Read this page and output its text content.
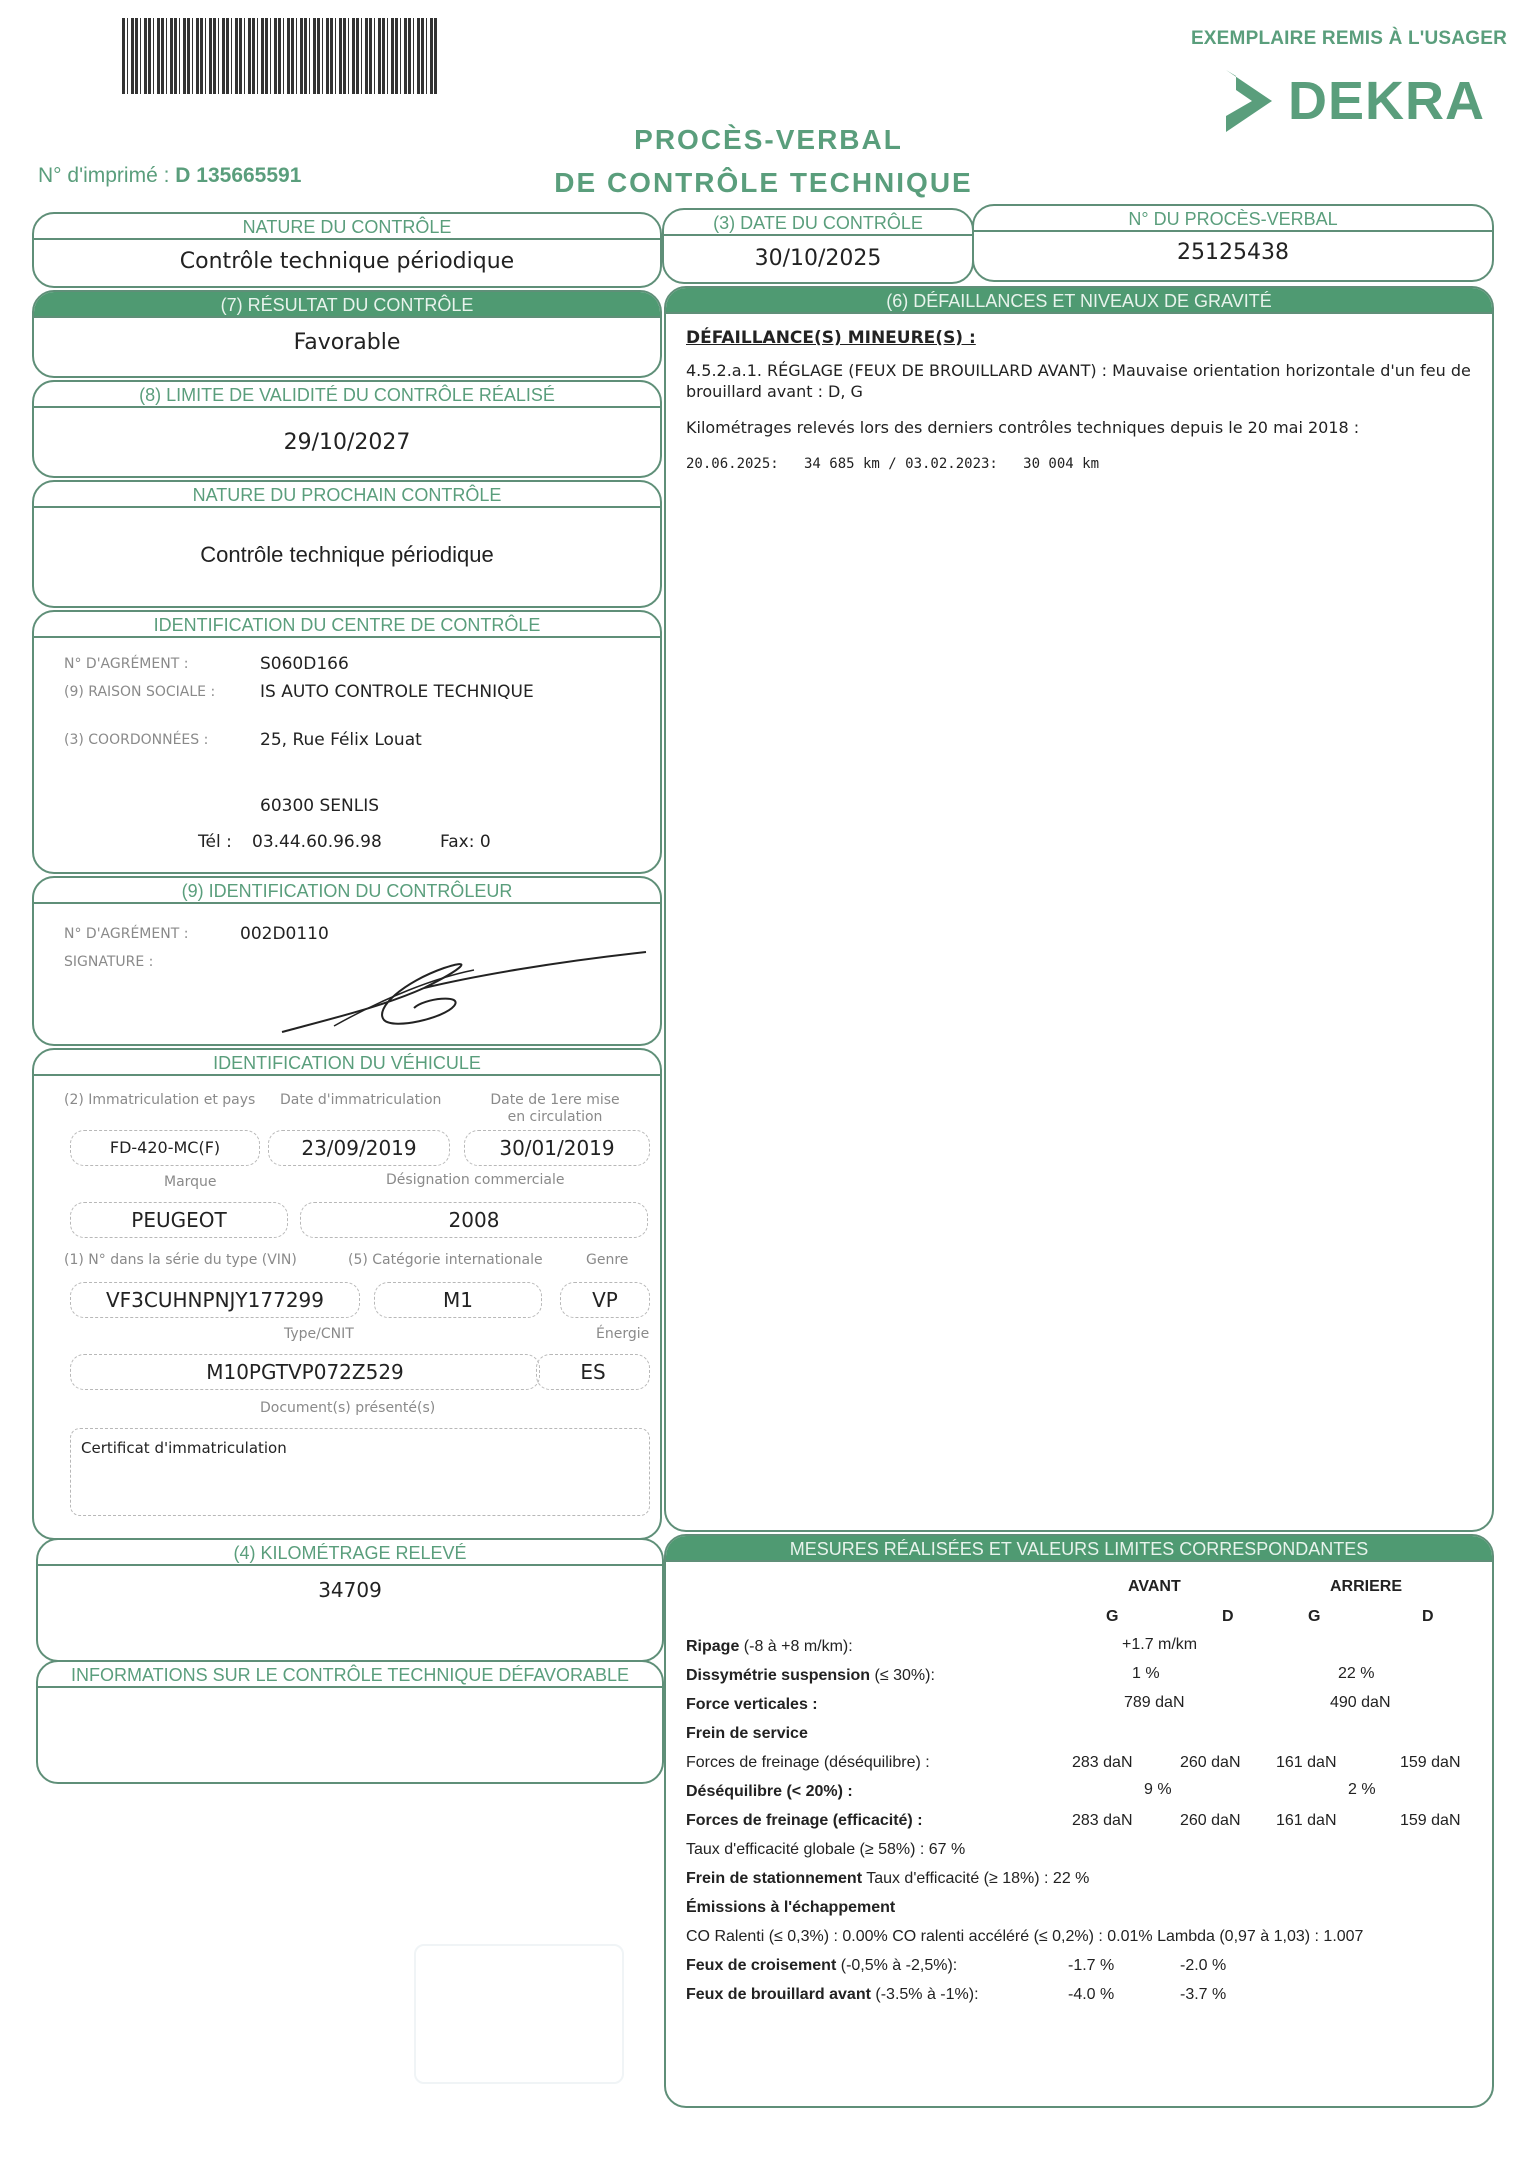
EXEMPLAIRE REMIS À L'USAGER
DEKRA
PROCÈS-VERBAL
DE CONTRÔLE TECHNIQUE
N° d'imprimé : D 135665591
NATURE DU CONTRÔLE
Contrôle technique périodique
(3) DATE DU CONTRÔLE
30/10/2025
N° DU PROCÈS-VERBAL
25125438
(7) RÉSULTAT DU CONTRÔLE
Favorable
(8) LIMITE DE VALIDITÉ DU CONTRÔLE RÉALISÉ
29/10/2027
NATURE DU PROCHAIN CONTRÔLE
Contrôle technique périodique
IDENTIFICATION DU CENTRE DE CONTRÔLE
N° D'AGRÉMENT :	S060D166
(9) RAISON SOCIALE :	IS AUTO CONTROLE TECHNIQUE
(3) COORDONNÉES :	25, Rue Félix Louat
60300 SENLIS
Tél : 03.44.60.96.98	Fax: 0
(9) IDENTIFICATION DU CONTRÔLEUR
N° D'AGRÉMENT :	002D0110
SIGNATURE :
IDENTIFICATION DU VÉHICULE
(2) Immatriculation et pays Date d'immatriculation	Date de 1ere mise en circulation
FD-420-MC(F)	23/09/2019	30/01/2019
Marque	Désignation commerciale
PEUGEOT	2008
(1) N° dans la série du type (VIN)	(5) Catégorie internationale	Genre
VF3CUHNPNJY177299	M1	VP
Type/CNIT	Énergie
M10PGTVP072Z529	ES
Document(s) présenté(s)
Certificat d'immatriculation
(4) KILOMÉTRAGE RELEVÉ
34709
INFORMATIONS SUR LE CONTRÔLE TECHNIQUE DÉFAVORABLE
(6) DÉFAILLANCES ET NIVEAUX DE GRAVITÉ
DÉFAILLANCE(S) MINEURE(S) :
4.5.2.a.1. RÉGLAGE (FEUX DE BROUILLARD AVANT) : Mauvaise orientation horizontale d'un feu de brouillard avant : D, G
Kilométrages relevés lors des derniers contrôles techniques depuis le 20 mai 2018 :
20.06.2025:   34 685 km / 03.02.2023:   30 004 km
MESURES RÉALISÉES ET VALEURS LIMITES CORRESPONDANTES
AVANT	ARRIERE
G	D	G	D
Ripage (-8 à +8 m/km):	+1.7 m/km
Dissymétrie suspension (≤ 30%):	1 %	22 %
Force verticales :	789 daN	490 daN
Frein de service
Forces de freinage (déséquilibre) :	283 daN	260 daN 161 daN	159 daN
Déséquilibre (< 20%) :	9 %	2 %
Forces de freinage (efficacité) :	283 daN	260 daN 161 daN	159 daN
Taux d'efficacité globale (≥ 58%) : 67 %
Frein de stationnement Taux d'efficacité (≥ 18%) : 22 %
Émissions à l'échappement
CO Ralenti (≤ 0,3%) : 0.00% CO ralenti accéléré (≤ 0,2%) : 0.01% Lambda (0,97 à 1,03) : 1.007
Feux de croisement (-0,5% à -2,5%):	-1.7 %	-2.0 %
Feux de brouillard avant (-3.5% à -1%):	-4.0 %	-3.7 %
